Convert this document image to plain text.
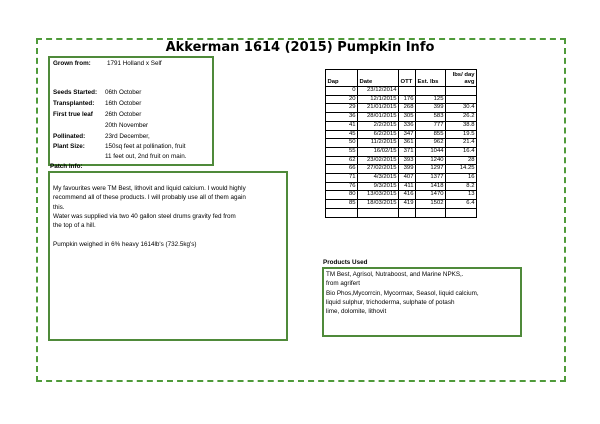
Akkerman 1614 (2015) Pumpkin Info
Grown from:	1791 Holland x Self
Seeds Started: 06th October
Transplanted: 16th October
First true leaf 26th October
20th November
Pollinated:	23rd December,
Plant Size:	150sq feet at pollination, fruit
11 feet out, 2nd fruit on main.
Patch Info:
My favourites were TM Best, lithovit and liquid calcium. I would highly
recommend all of these products. I will probably use all of them again
this.
Water was supplied via two 40 gallon steel drums gravity fed from
the top of a hill.
Pumpkin weighed in 6% heavy 1614lb's (732.5kg's)
Dap	Date	OTT	Est. lbs	lbs/ day avg
0	23/12/2014			
20	12/1/2015	176	125	
29	21/01/2015	268	399	30.4
36	28/01/2015	305	583	26.2
41	2/2/2015	336	777	38.8
45	6/2/2015	347	855	19.5
50	11/2/2015	361	962	21.4
55	16/02/15	371	1044	16.4
62	23/02/2015	393	1240	28
66	27/02/2015	399	1297	14.25
71	4/3/2015	407	1377	16
76	9/3/2015	411	1418	8.2
80	13/03/2015	416	1470	13
85	18/03/2015	419	1502	6.4

Products Used
TM Best, Agrisol, Nutraboost, and Marine NPKS,.
from agrifert
Bio Phos,Mycorrcin, Mycormax, Seasol, liquid calcium,
liquid sulphur, trichoderma, sulphate of potash
lime, dolomite, lithovit
